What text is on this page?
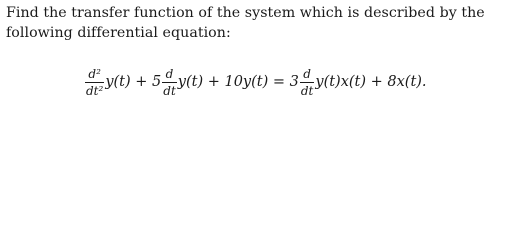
Find the transfer function of the system which is described by the following differential equation:

$\frac{\text{d²}}{\text{dt²}} y(t) + 5 \frac{d}{dt} y(t) + 10y(t) = 3 \frac{d}{dt} y(t)x(t) + 8x(t)$.
